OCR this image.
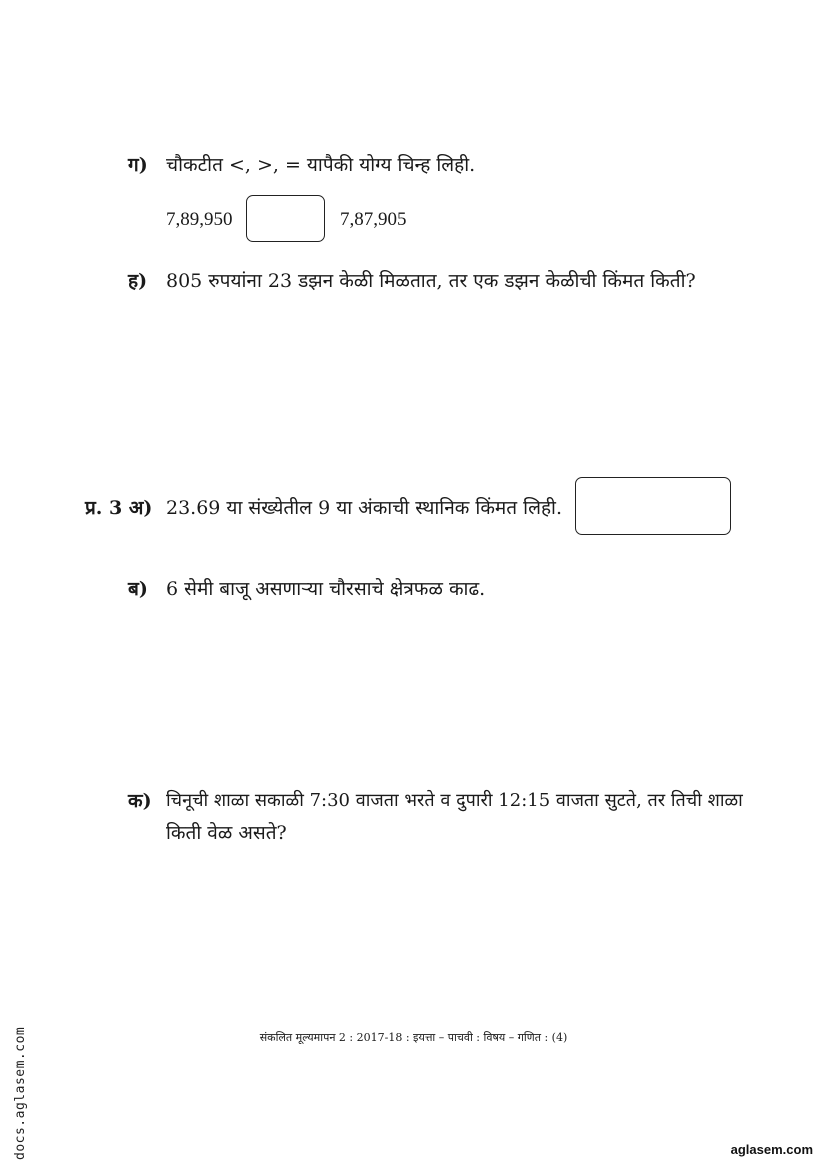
ग) चौकटीत <, >, = यापैकी योग्य चिन्ह लिही.
7,89,950	7,87,905
ह) 805 रुपयांना 23 डझन केळी मिळतात, तर एक डझन केळीची किंमत किती?
प्र. 3 अ) 23.69 या संख्येतील 9 या अंकाची स्थानिक किंमत लिही.
ब) 6 सेमी बाजू असणाऱ्या चौरसाचे क्षेत्रफळ काढ.
क) चिनूची शाळा सकाळी 7:30 वाजता भरते व दुपारी 12:15 वाजता सुटते, तर तिची शाळा
किती वेळ असते?
संकलित मूल्यमापन 2 : 2017-18 : इयत्ता – पाचवी : विषय – गणित : (4)
docs.aglasem.com	aglasem.com
